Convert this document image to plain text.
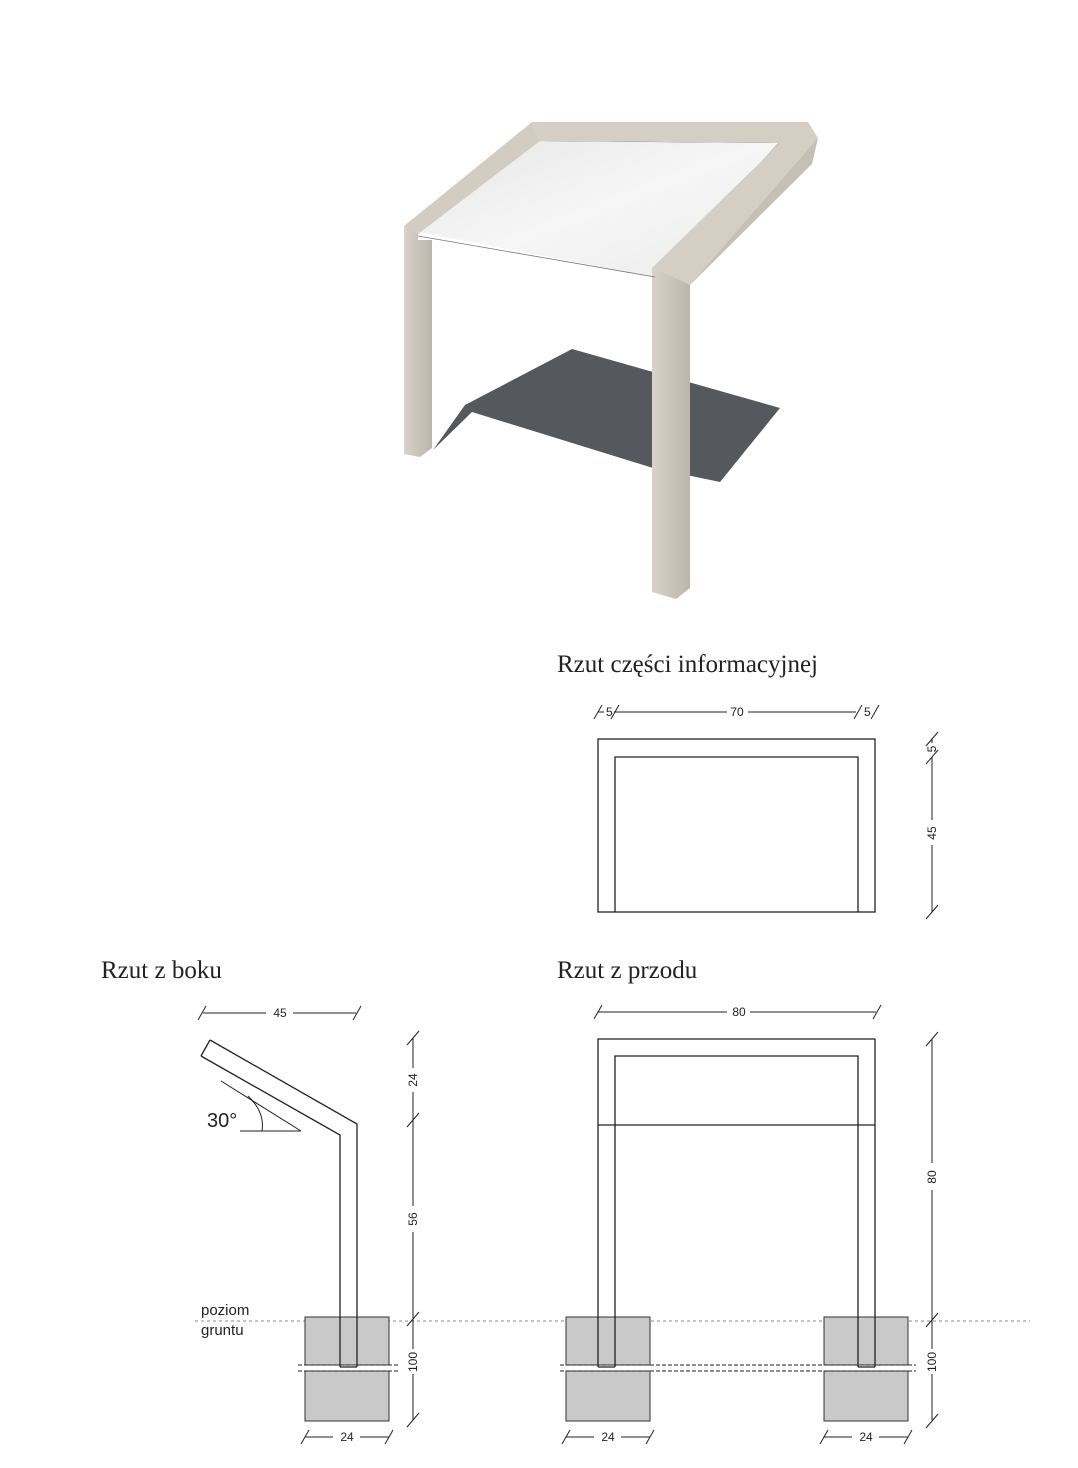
Rzut części informacyjnej
Rzut z boku	Rzut z przodu
5	70	5
5
45
poziom
gruntu
30°
45
24
56
100
24
80
80
100
24	24
